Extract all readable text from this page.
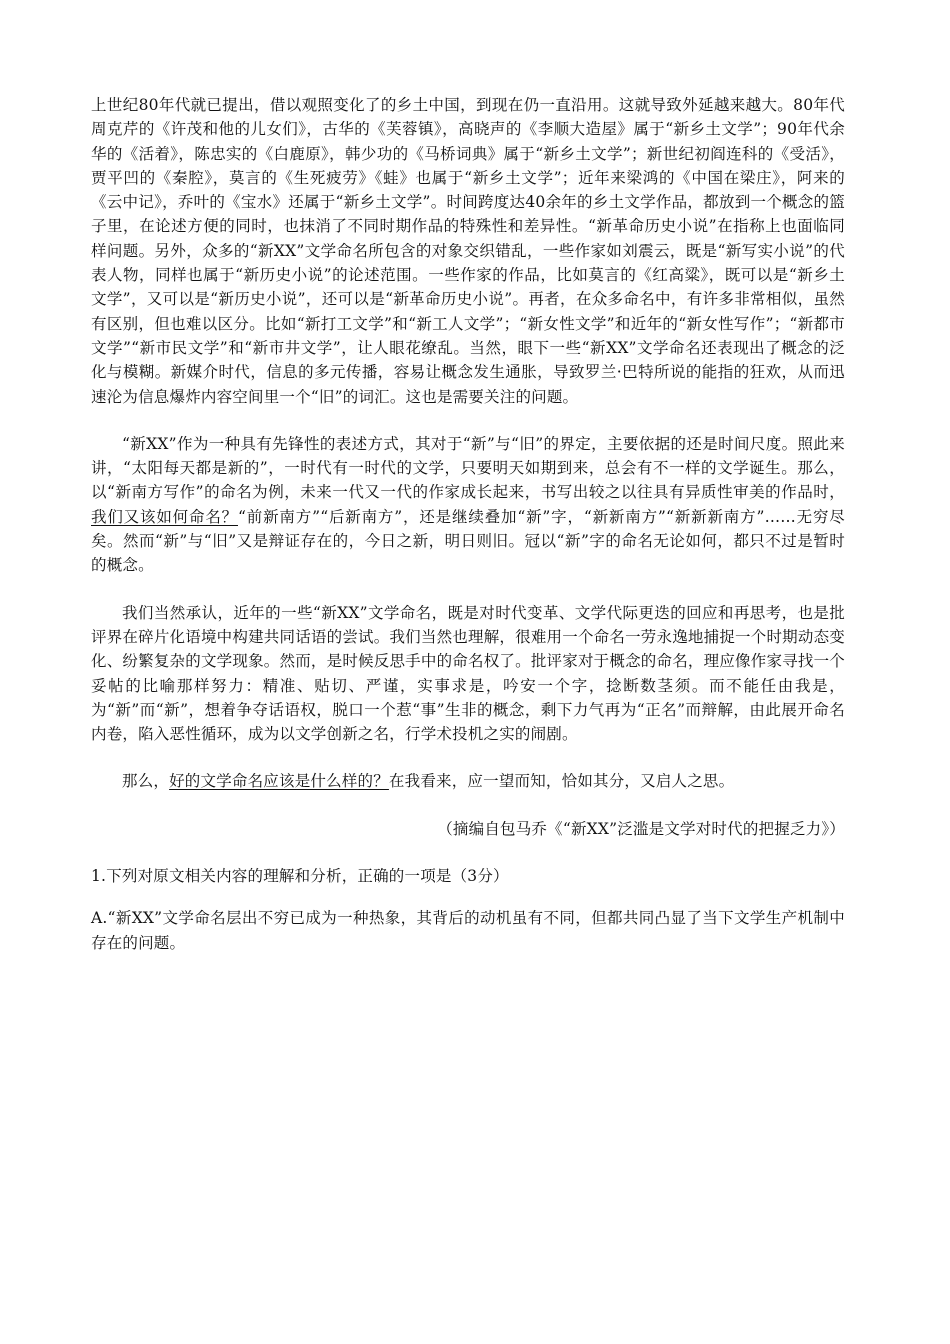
上世纪80年代就已提出，借以观照变化了的乡土中国，到现在仍一直沿用。这就导致外延越来越大。80年代周克芹的《许茂和他的儿女们》，古华的《芙蓉镇》，高晓声的《李顺大造屋》属于“新乡土文学”；90年代余华的《活着》，陈忠实的《白鹿原》，韩少功的《马桥词典》属于“新乡土文学”；新世纪初阎连科的《受活》，贾平凹的《秦腔》，莫言的《生死疲劳》《蛙》也属于“新乡土文学”；近年来梁鸿的《中国在梁庄》，阿来的《云中记》，乔叶的《宝水》还属于“新乡土文学”。时间跨度达40余年的乡土文学作品，都放到一个概念的篮子里，在论述方便的同时，也抹消了不同时期作品的特殊性和差异性。“新革命历史小说”在指称上也面临同样问题。另外，众多的“新XX”文学命名所包含的对象交织错乱，一些作家如刘震云，既是“新写实小说”的代表人物，同样也属于“新历史小说”的论述范围。一些作家的作品，比如莫言的《红高粱》，既可以是“新乡土文学”，又可以是“新历史小说”，还可以是“新革命历史小说”。再者，在众多命名中，有许多非常相似，虽然有区别，但也难以区分。比如“新打工文学”和“新工人文学”；“新女性文学”和近年的“新女性写作”；“新都市文学”“新市民文学”和“新市井文学”，让人眼花缭乱。当然，眼下一些“新XX”文学命名还表现出了概念的泛化与模糊。新媒介时代，信息的多元传播，容易让概念发生通胀，导致罗兰·巴特所说的能指的狂欢，从而迅速沦为信息爆炸内容空间里一个“旧”的词汇。这也是需要关注的问题。

“新XX”作为一种具有先锋性的表述方式，其对于“新”与“旧”的界定，主要依据的还是时间尺度。照此来讲，“太阳每天都是新的”，一时代有一时代的文学，只要明天如期到来，总会有不一样的文学诞生。那么，以“新南方写作”的命名为例，未来一代又一代的作家成长起来，书写出较之以往具有异质性审美的作品时，我们又该如何命名？“前新南方”“后新南方”，还是继续叠加“新”字，“新新南方”“新新新南方”……无穷尽矣。然而“新”与“旧”又是辩证存在的，今日之新，明日则旧。冠以“新”字的命名无论如何，都只不过是暂时的概念。

我们当然承认，近年的一些“新XX”文学命名，既是对时代变革、文学代际更迭的回应和再思考，也是批评界在碎片化语境中构建共同话语的尝试。我们当然也理解，很难用一个命名一劳永逸地捕捉一个时期动态变化、纷繁复杂的文学现象。然而，是时候反思手中的命名权了。批评家对于概念的命名，理应像作家寻找一个妥帖的比喻那样努力：精准、贴切、严谨，实事求是，吟安一个字，捻断数茎须。而不能任由我是，为“新”而“新”，想着争夺话语权，脱口一个惹“事”生非的概念，剩下力气再为“正名”而辩解，由此展开命名内卷，陷入恶性循环，成为以文学创新之名，行学术投机之实的闹剧。

那么，好的文学命名应该是什么样的？在我看来，应一望而知，恰如其分，又启人之思。

（摘编自包马乔《“新XX”泛滥是文学对时代的把握乏力》）

1.下列对原文相关内容的理解和分析，正确的一项是（3分）

A.“新XX”文学命名层出不穷已成为一种热象，其背后的动机虽有不同，但都共同凸显了当下文学生产机制中存在的问题。
